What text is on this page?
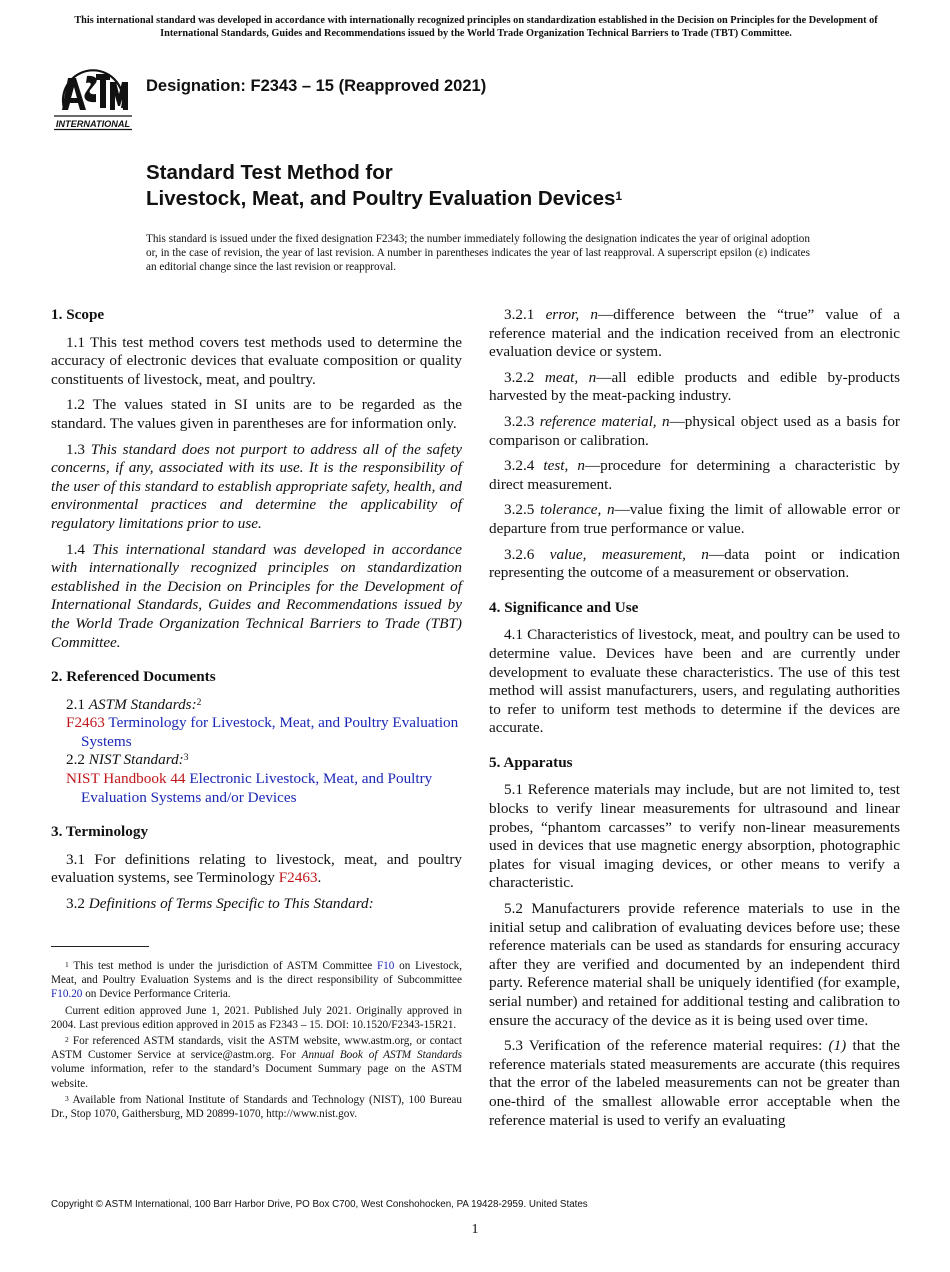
This international standard was developed in accordance with internationally recognized principles on standardization established in the Decision on Principles for the Development of International Standards, Guides and Recommendations issued by the World Trade Organization Technical Barriers to Trade (TBT) Committee.
INTERNATIONAL
Designation: F2343 – 15 (Reapproved 2021)
Standard Test Method for
Livestock, Meat, and Poultry Evaluation Devices$^1$
This standard is issued under the fixed designation F2343; the number immediately following the designation indicates the year of original adoption or, in the case of revision, the year of last revision. A number in parentheses indicates the year of last reapproval. A superscript epsilon (ε) indicates an editorial change since the last revision or reapproval.
1. Scope
1.1 This test method covers test methods used to determine the accuracy of electronic devices that evaluate composition or quality constituents of livestock, meat, and poultry.
1.2 The values stated in SI units are to be regarded as the standard. The values given in parentheses are for information only.
1.3 This standard does not purport to address all of the safety concerns, if any, associated with its use. It is the responsibility of the user of this standard to establish appropriate safety, health, and environmental practices and determine the applicability of regulatory limitations prior to use.
1.4 This international standard was developed in accordance with internationally recognized principles on standardization established in the Decision on Principles for the Development of International Standards, Guides and Recommendations issued by the World Trade Organization Technical Barriers to Trade (TBT) Committee.
2. Referenced Documents
2.1 ASTM Standards:$^2$
F2463 Terminology for Livestock, Meat, and Poultry Evaluation Systems
2.2 NIST Standard:$^3$
NIST Handbook 44 Electronic Livestock, Meat, and Poultry Evaluation Systems and/or Devices
3. Terminology
3.1 For definitions relating to livestock, meat, and poultry evaluation systems, see Terminology F2463.
3.2 Definitions of Terms Specific to This Standard:
$^1$ This test method is under the jurisdiction of ASTM Committee F10 on Livestock, Meat, and Poultry Evaluation Systems and is the direct responsibility of Subcommittee F10.20 on Device Performance Criteria.
Current edition approved June 1, 2021. Published July 2021. Originally approved in 2004. Last previous edition approved in 2015 as F2343 – 15. DOI: 10.1520/F2343-15R21.
$^2$ For referenced ASTM standards, visit the ASTM website, www.astm.org, or contact ASTM Customer Service at service@astm.org. For Annual Book of ASTM Standards volume information, refer to the standard’s Document Summary page on the ASTM website.
$^3$ Available from National Institute of Standards and Technology (NIST), 100 Bureau Dr., Stop 1070, Gaithersburg, MD 20899-1070, http://www.nist.gov.
3.2.1 error, n—difference between the “true” value of a reference material and the indication received from an electronic evaluation device or system.
3.2.2 meat, n—all edible products and edible by-products harvested by the meat-packing industry.
3.2.3 reference material, n—physical object used as a basis for comparison or calibration.
3.2.4 test, n—procedure for determining a characteristic by direct measurement.
3.2.5 tolerance, n—value fixing the limit of allowable error or departure from true performance or value.
3.2.6 value, measurement, n—data point or indication representing the outcome of a measurement or observation.
4. Significance and Use
4.1 Characteristics of livestock, meat, and poultry can be used to determine value. Devices have been and are currently under development to evaluate these characteristics. The use of this test method will assist manufacturers, users, and regulating authorities to refer to uniform test methods to determine if the devices are accurate.
5. Apparatus
5.1 Reference materials may include, but are not limited to, test blocks to verify linear measurements for ultrasound and linear probes, “phantom carcasses” to verify non-linear measurements used in devices that use magnetic energy absorption, photographic plates for visual imaging devices, or other means to verify a characteristic.
5.2 Manufacturers provide reference materials to use in the initial setup and calibration of evaluating devices before use; these reference materials can be used as standards for ensuring accuracy after they are verified and documented by an independent third party. Reference material shall be uniquely identified (for example, serial number) and retained for additional testing and calibration to ensure the accuracy of the device as it is being used over time.
5.3 Verification of the reference material requires: (1) that the reference materials stated measurements are accurate (this requires that the error of the labeled measurements can not be greater than one-third of the smallest allowable error acceptable when the reference material is used to verify an evaluating
Copyright © ASTM International, 100 Barr Harbor Drive, PO Box C700, West Conshohocken, PA 19428-2959. United States
1
